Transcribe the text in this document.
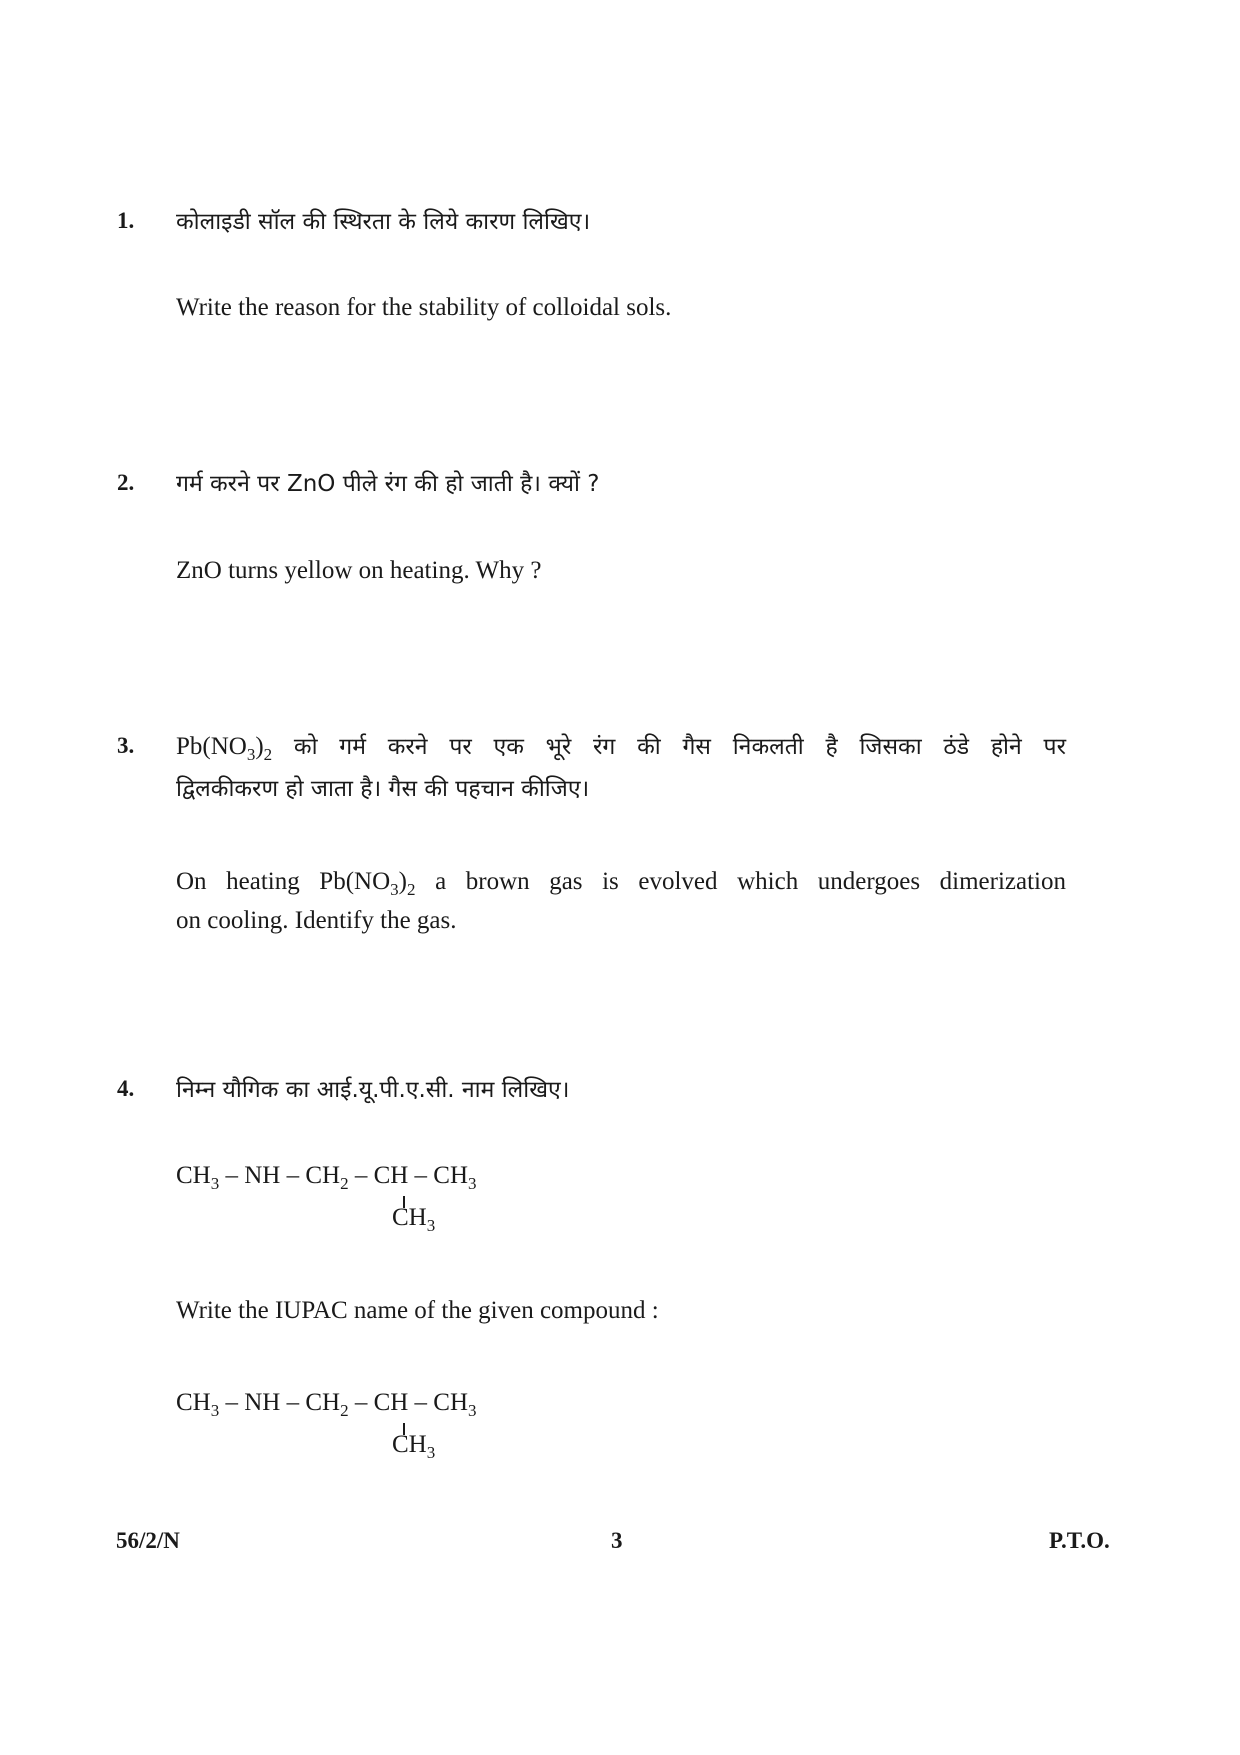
1. कोलाइडी सॉल की स्थिरता के लिये कारण लिखिए।
Write the reason for the stability of colloidal sols.
2. गर्म करने पर ZnO पीले रंग की हो जाती है। क्यों ?
ZnO turns yellow on heating. Why ?
3. $Pb(NO_3)_2$ को गर्म करने पर एक भूरे रंग की गैस निकलती है जिसका ठंडे होने पर
द्विलकीकरण हो जाता है। गैस की पहचान कीजिए।
On heating $Pb(NO_3)_2$ a brown gas is evolved which undergoes dimerization
on cooling. Identify the gas.
4. निम्न यौगिक का आई.यू.पी.ए.सी. नाम लिखिए।
$CH_3$ – NH – $CH_2$ – CH – $CH_3$
$CH_3$
Write the IUPAC name of the given compound :
$CH_3$ – NH – $CH_2$ – CH – $CH_3$
$CH_3$
56/2/N	3	P.T.O.
